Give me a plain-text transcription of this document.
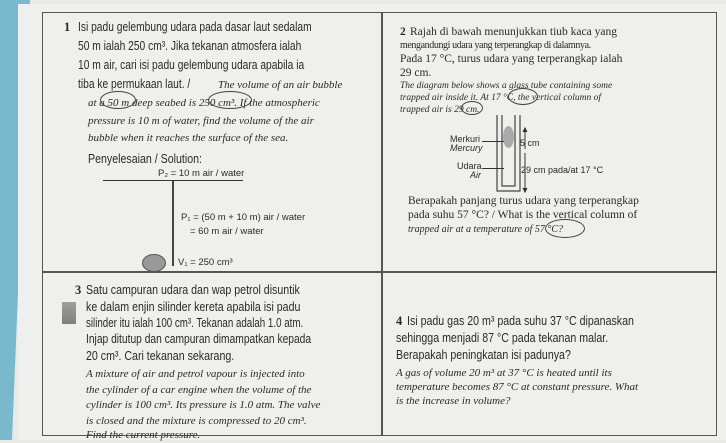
1 Isi padu gelembung udara pada dasar laut sedalam
50 m ialah 250 cm³. Jika tekanan atmosfera ialah
10 m air, cari isi padu gelembung udara apabila ia
tiba ke permukaan laut. /	The volume of an air bubble
at a 50 m deep seabed is 250 cm³. If the atmospheric
pressure is 10 m of water, find the volume of the air
bubble when it reaches the surface of the sea.
Penyelesaian / Solution:
P₂ = 10 m air / water
P₁ = (50 m + 10 m) air / water
= 60 m air / water
V₁ = 250 cm³
2 Rajah di bawah menunjukkan tiub kaca yang
mengandungi udara yang terperangkap di dalamnya.
Pada 17 °C, turus udara yang terperangkap ialah
29 cm.
The diagram below shows a glass tube containing some
trapped air inside it. At 17 °C, the vertical column of
trapped air is 29 cm.
Merkuri
Mercury
Udara
Air
5 cm
29 cm pada/at 17 °C
Berapakah panjang turus udara yang terperangkap
pada suhu 57 °C? / What is the vertical column of
trapped air at a temperature of 57 °C?
3 Satu campuran udara dan wap petrol disuntik
ke dalam enjin silinder kereta apabila isi padu
silinder itu ialah 100 cm³. Tekanan adalah 1.0 atm.
Injap ditutup dan campuran dimampatkan kepada
20 cm³. Cari tekanan sekarang.
A mixture of air and petrol vapour is injected into
the cylinder of a car engine when the volume of the
cylinder is 100 cm³. Its pressure is 1.0 atm. The valve
is closed and the mixture is compressed to 20 cm³.
Find the current pressure.
4 Isi padu gas 20 m³ pada suhu 37 °C dipanaskan
sehingga menjadi 87 °C pada tekanan malar.
Berapakah peningkatan isi padunya?
A gas of volume 20 m³ at 37 °C is heated until its
temperature becomes 87 °C at constant pressure. What
is the increase in volume?
